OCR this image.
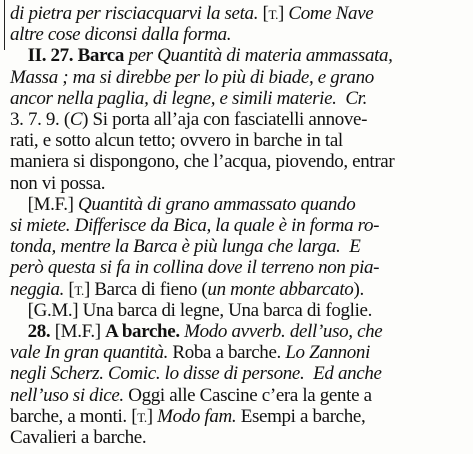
di pietra per risciacquarvi la seta. [T.] Come Nave
altre cose diconsi dalla forma.
II. 27. Barca per Quantità di materia ammassata,
Massa ; ma si direbbe per lo più di biade, e grano
ancor nella paglia, di legne, e simili materie.  Cr.
3. 7. 9. (C) Si porta all’aja con fasciatelli annove-
rati, e sotto alcun tetto; ovvero in barche in tal
maniera si dispongono, che l’acqua, piovendo, entrar
non vi possa.
[M.F.] Quantità di grano ammassato quando
si miete. Differisce da Bica, la quale è in forma ro-
tonda, mentre la Barca è più lunga che larga.  E
però questa si fa in collina dove il terreno non pia-
neggia. [T.] Barca di fieno (un monte abbarcato).
[G.M.] Una barca di legne, Una barca di foglie.
28. [M.F.] A barche. Modo avverb. dell’uso, che
vale In gran quantità. Roba a barche. Lo Zannoni
negli Scherz. Comic. lo disse di persone.  Ed anche
nell’uso si dice. Oggi alle Cascine c’era la gente a
barche, a monti. [T.] Modo fam. Esempi a barche,
Cavalieri a barche.
